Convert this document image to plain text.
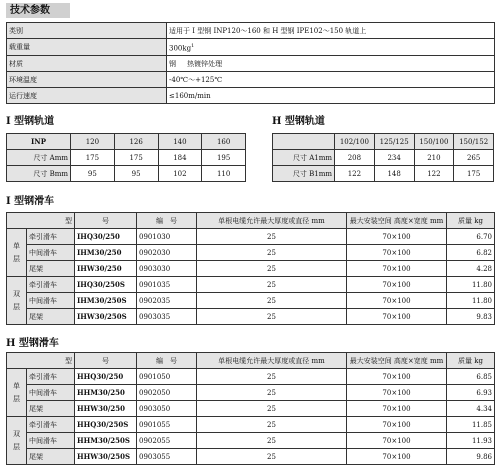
技术参数
类别	适用于 I 型钢 INP120～160 和 H 型钢 IPE102～150 轨道上
载重量	$300kg^1$
材质	钢     热镀锌处理
环境温度	-40℃～+125℃
运行速度	≤160m/min
I 型钢轨道
INP	120	126	140	160
尺寸 Amm	175	175	184	195
尺寸 Bmm	95	95	102	110
H 型钢轨道
	102/100	125/125	150/100	150/152
尺寸 A1mm	208	234	210	265
尺寸 B1mm	122	148	122	175
I 型钢滑车
型		号	编　号	单根电缆允许最大厚度或直径 mm	最大安装空间 高度×宽度 mm	质量 kg

单
层	牵引滑车	IHQ30/250	0901030	25	70×100	6.70
	中间滑车	IHM30/250	0902030	25	70×100	6.82
	尾架	IHW30/250	0903030	25	70×100	4.28

双
层	牵引滑车	IHQ30/250S	0901035	25	70×100	11.80
	中间滑车	IHM30/250S	0902035	25	70×100	11.80
	尾架	IHW30/250S	0903035	25	70×100	9.83
H 型钢滑车
型		号	编　号	单根电缆允许最大厚度或直径 mm	最大安装空间 高度×宽度 mm	质量 kg

单
层	牵引滑车	HHQ30/250	0901050	25	70×100	6.85
	中间滑车	HHM30/250	0902050	25	70×100	6.93
	尾架	HHW30/250	0903050	25	70×100	4.34

双
层	牵引滑车	HHQ30/250S	0901055	25	70×100	11.85
	中间滑车	HHM30/250S	0902055	25	70×100	11.93
	尾架	HHW30/250S	0903055	25	70×100	9.86
